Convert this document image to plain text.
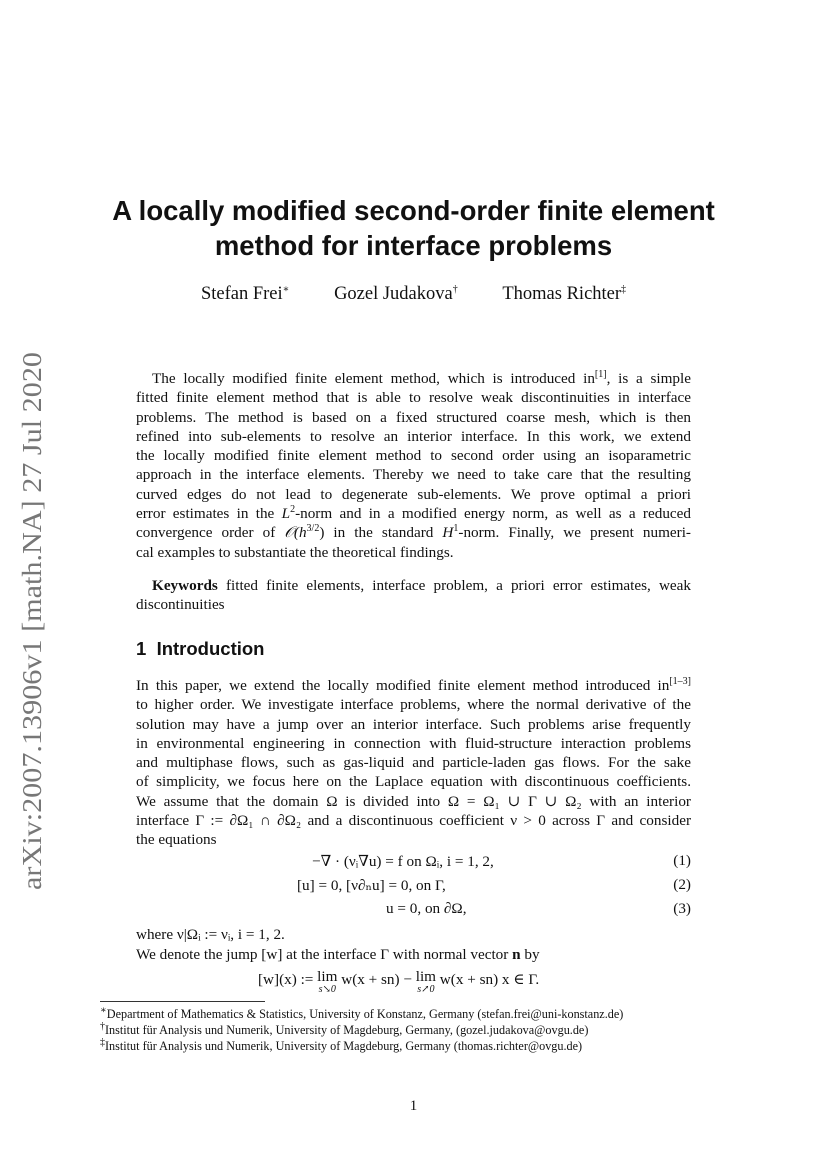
arXiv:2007.13906v1 [math.NA] 27 Jul 2020
A locally modified second-order finite element
method for interface problems
Stefan Frei∗ Gozel Judakova† Thomas Richter‡
The locally modified finite element method, which is introduced in[1], is a simple
fitted finite element method that is able to resolve weak discontinuities in interface
problems. The method is based on a fixed structured coarse mesh, which is then
refined into sub-elements to resolve an interior interface. In this work, we extend
the locally modified finite element method to second order using an isoparametric
approach in the interface elements. Thereby we need to take care that the resulting
curved edges do not lead to degenerate sub-elements. We prove optimal a priori
error estimates in the $L^2$-norm and in a modified energy norm, as well as a reduced
convergence order of $𝒪(h^{3/2})$ in the standard $H^1$-norm. Finally, we present numeri-
cal examples to substantiate the theoretical findings.
Keywords fitted finite elements, interface problem, a priori error estimates, weak
discontinuities
1 Introduction
In this paper, we extend the locally modified finite element method introduced in[1–3]
to higher order. We investigate interface problems, where the normal derivative of the
solution may have a jump over an interior interface. Such problems arise frequently
in environmental engineering in connection with fluid-structure interaction problems
and multiphase flows, such as gas-liquid and particle-laden gas flows. For the sake
of simplicity, we focus here on the Laplace equation with discontinuous coefficients.
We assume that the domain Ω is divided into Ω = Ω₁ ∪ Γ ∪ Ω₂ with an interior
interface Γ := ∂Ω₁ ∩ ∂Ω₂ and a discontinuous coefficient ν > 0 across Γ and consider
the equations
−∇ · (νᵢ∇u) = f on Ωᵢ, i = 1, 2,	(1)
[u] = 0, [ν∂ₙu] = 0, on Γ,	(2)
u = 0, on ∂Ω,	(3)
where ν|Ωᵢ := νᵢ, i = 1, 2.
We denote the jump [w] at the interface Γ with normal vector n by
[w](x) := lim
s↘0
w(x + sn) − lim
s↗0
w(x + sn) x ∈ Γ.
∗Department of Mathematics & Statistics, University of Konstanz, Germany (stefan.frei@uni-konstanz.de)
†Institut für Analysis und Numerik, University of Magdeburg, Germany, (gozel.judakova@ovgu.de)
‡Institut für Analysis und Numerik, University of Magdeburg, Germany (thomas.richter@ovgu.de)
1
